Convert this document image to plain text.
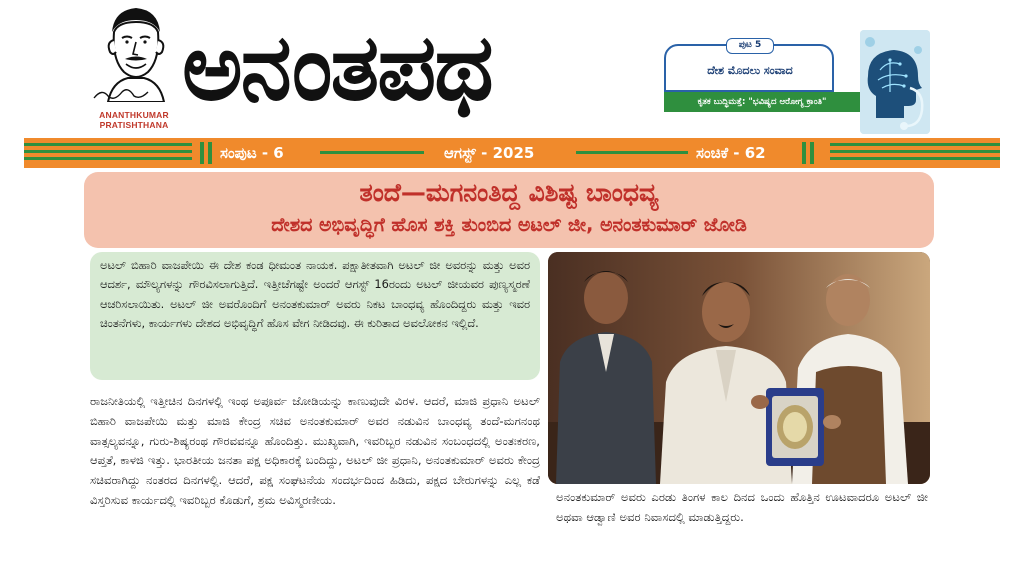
ANANTHKUMAR
PRATISHTHANA
ಅನಂತಪಥ	ಪುಟ 5
ದೇಶ ಮೊದಲು ಸಂವಾದ
ಕೃತಕ ಬುದ್ಧಿಮತ್ತೆ: "ಭವಿಷ್ಯದ ಆರೋಗ್ಯ ಕ್ರಾಂತಿ"
ಸಂಪುಟ - 6	ಆಗಸ್ಟ್ - 2025	ಸಂಚಿಕೆ - 62
ತಂದೆ—ಮಗನಂತಿದ್ದ ವಿಶಿಷ್ಟ ಬಾಂಧವ್ಯ
ದೇಶದ ಅಭಿವೃದ್ಧಿಗೆ ಹೊಸ ಶಕ್ತಿ ತುಂಬಿದ ಅಟಲ್ ಜೀ, ಅನಂತಕುಮಾರ್ ಜೋಡಿ

ಅಟಲ್ ಬಿಹಾರಿ ವಾಜಪೇಯಿ ಈ ದೇಶ ಕಂಡ ಧೀಮಂತ ನಾಯಕ. ಪಕ್ಷಾತೀತವಾಗಿ ಅಟಲ್ ಜೀ ಅವರನ್ನು ಮತ್ತು ಅವರ ಆದರ್ಶ, ಮೌಲ್ಯಗಳನ್ನು ಗೌರವಿಸಲಾಗುತ್ತಿದೆ. ಇತ್ತೀಚೆಗಷ್ಟೇ ಅಂದರೆ ಆಗಸ್ಟ್ 16ರಂದು ಅಟಲ್ ಜೀಯವರ ಪುಣ್ಯಸ್ಮರಣೆ ಆಚರಿಸಲಾಯಿತು. ಅಟಲ್ ಜೀ ಅವರೊಂದಿಗೆ ಅನಂತಕುಮಾರ್ ಅವರು ನಿಕಟ ಬಾಂಧವ್ಯ ಹೊಂದಿದ್ದರು ಮತ್ತು ಇವರ ಚಿಂತನೆಗಳು, ಕಾರ್ಯಗಳು ದೇಶದ ಅಭಿವೃದ್ಧಿಗೆ ಹೊಸ ವೇಗ ನೀಡಿದವು. ಈ ಕುರಿತಾದ ಅವಲೋಕನ ಇಲ್ಲಿದೆ.

ರಾಜನೀತಿಯಲ್ಲಿ ಇತ್ತೀಚಿನ ದಿನಗಳಲ್ಲಿ ಇಂಥ ಅಪೂರ್ವ ಜೋಡಿಯನ್ನು ಕಾಣುವುದೇ ವಿರಳ. ಆದರೆ, ಮಾಜಿ ಪ್ರಧಾನಿ ಅಟಲ್ ಬಿಹಾರಿ ವಾಜಪೇಯಿ ಮತ್ತು ಮಾಜಿ ಕೇಂದ್ರ ಸಚಿವ ಅನಂತಕುಮಾರ್ ಅವರ ನಡುವಿನ ಬಾಂಧವ್ಯ ತಂದೆ-ಮಗನಂಥ ವಾತ್ಸಲ್ಯವನ್ನೂ, ಗುರು-ಶಿಷ್ಯರಂಥ ಗೌರವವನ್ನೂ ಹೊಂದಿತ್ತು. ಮುಖ್ಯವಾಗಿ, ಇವರಿಬ್ಬರ ನಡುವಿನ ಸಂಬಂಧದಲ್ಲಿ ಅಂತಃಕರಣ, ಆಪ್ತತೆ, ಕಾಳಜಿ ಇತ್ತು. ಭಾರತೀಯ ಜನತಾ ಪಕ್ಷ ಅಧಿಕಾರಕ್ಕೆ ಬಂದಿದ್ದು, ಅಟಲ್ ಜೀ ಪ್ರಧಾನಿ, ಅನಂತಕುಮಾರ್ ಅವರು ಕೇಂದ್ರ ಸಚಿವರಾಗಿದ್ದು ನಂತರದ ದಿನಗಳಲ್ಲಿ. ಆದರೆ, ಪಕ್ಷ ಸಂಘಟನೆಯ ಸಂದರ್ಭದಿಂದ ಹಿಡಿದು, ಪಕ್ಷದ ಬೇರುಗಳನ್ನು ಎಲ್ಲ ಕಡೆ ವಿಸ್ತರಿಸುವ ಕಾರ್ಯದಲ್ಲಿ ಇವರಿಬ್ಬರ ಕೊಡುಗೆ, ಶ್ರಮ ಅವಿಸ್ಮರಣೀಯ.	ಅನಂತಕುಮಾರ್ ಅವರು ಎರಡು ತಿಂಗಳ ಕಾಲ ದಿನದ ಒಂದು ಹೊತ್ತಿನ ಊಟವಾದರೂ ಅಟಲ್ ಜೀ ಅಥವಾ ಆಡ್ವಾಣಿ ಅವರ ನಿವಾಸದಲ್ಲಿ ಮಾಡುತ್ತಿದ್ದರು.
